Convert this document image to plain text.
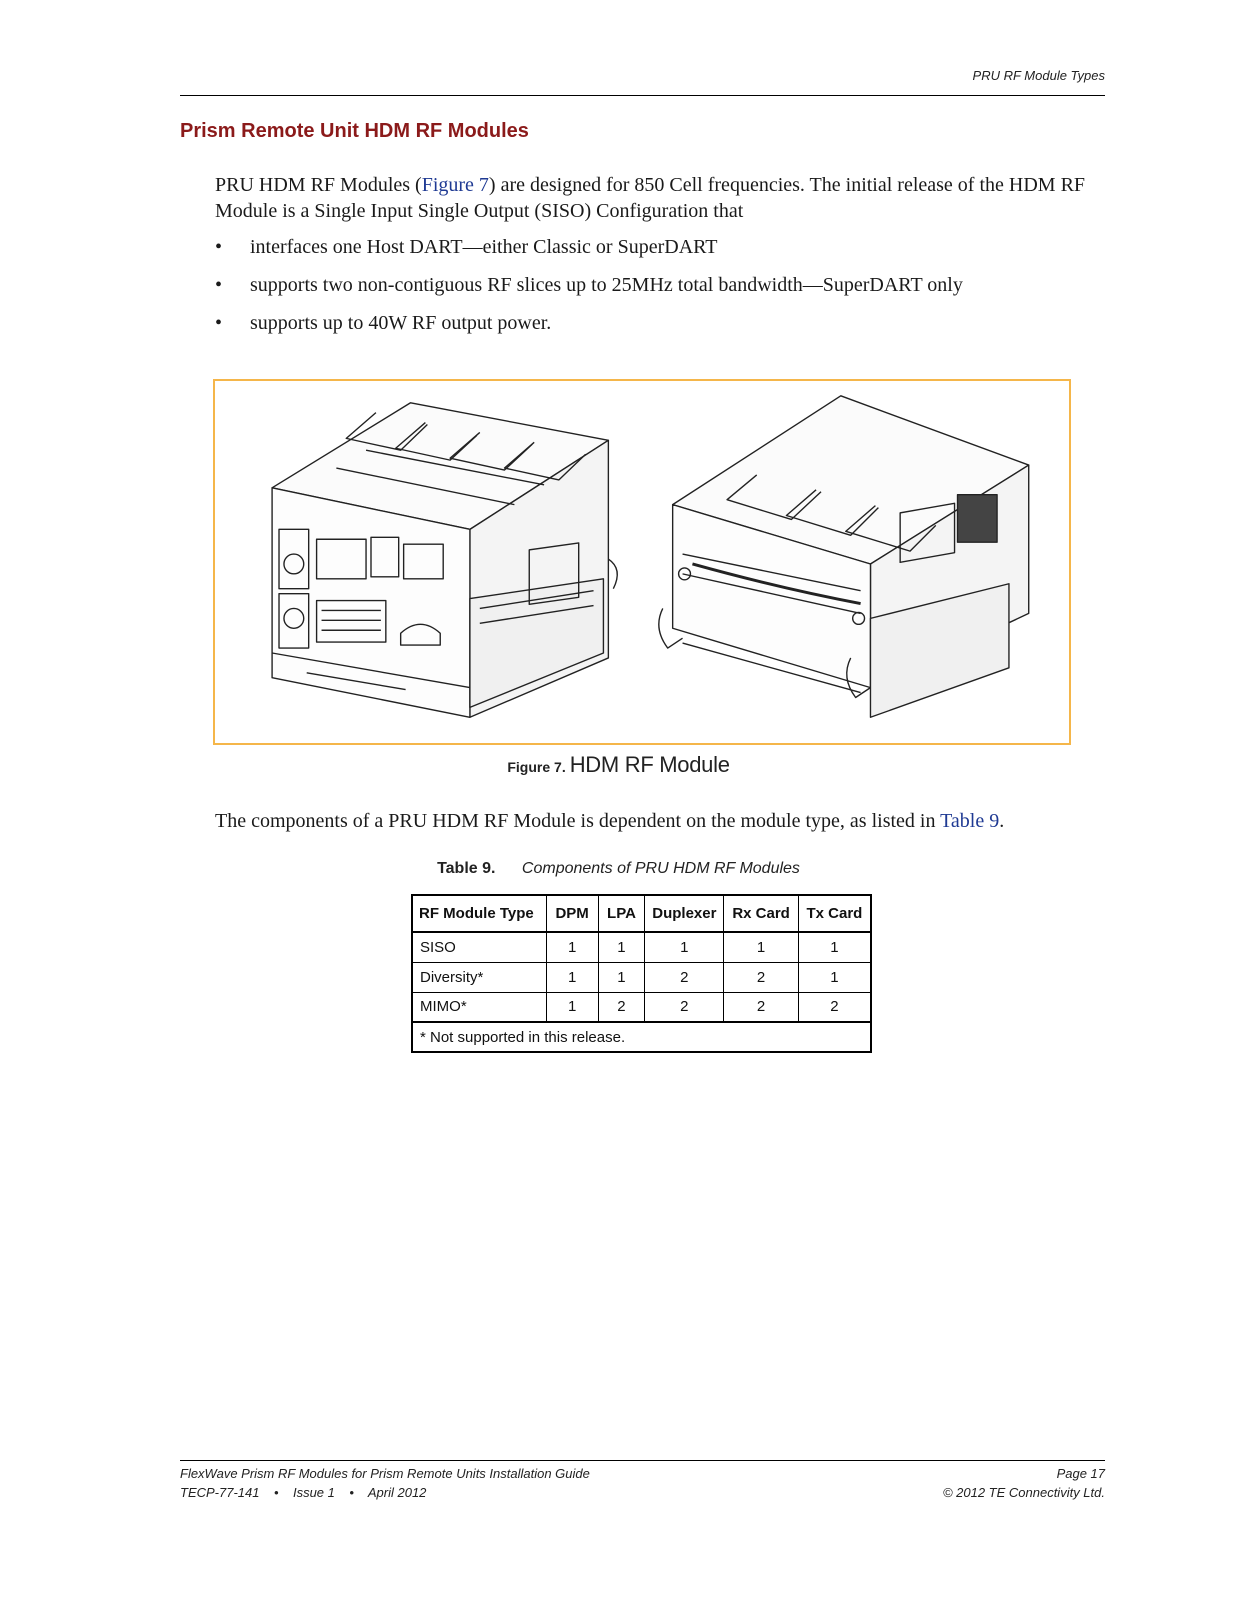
PRU RF Module Types
Prism Remote Unit HDM RF Modules

PRU HDM RF Modules (Figure 7) are designed for 850 Cell frequencies. The initial release of the HDM RF Module is a Single Input Single Output (SISO) Configuration that

• interfaces one Host DART—either Classic or SuperDART
• supports two non-contiguous RF slices up to 25MHz total bandwidth—SuperDART only
• supports up to 40W RF output power.
Figure 7. HDM RF Module

The components of a PRU HDM RF Module is dependent on the module type, as listed in Table 9.

Table 9. Components of PRU HDM RF Modules
RF Module Type	DPM	LPA	Duplexer	Rx Card	Tx Card
SISO	1	1	1	1	1
Diversity*	1	1	2	2	1
MIMO*	1	2	2	2	2
* Not supported in this release.					
FlexWave Prism RF Modules for Prism Remote Units Installation Guide
TECP-77-141 • Issue 1 • April 2012
Page 17
© 2012 TE Connectivity Ltd.
